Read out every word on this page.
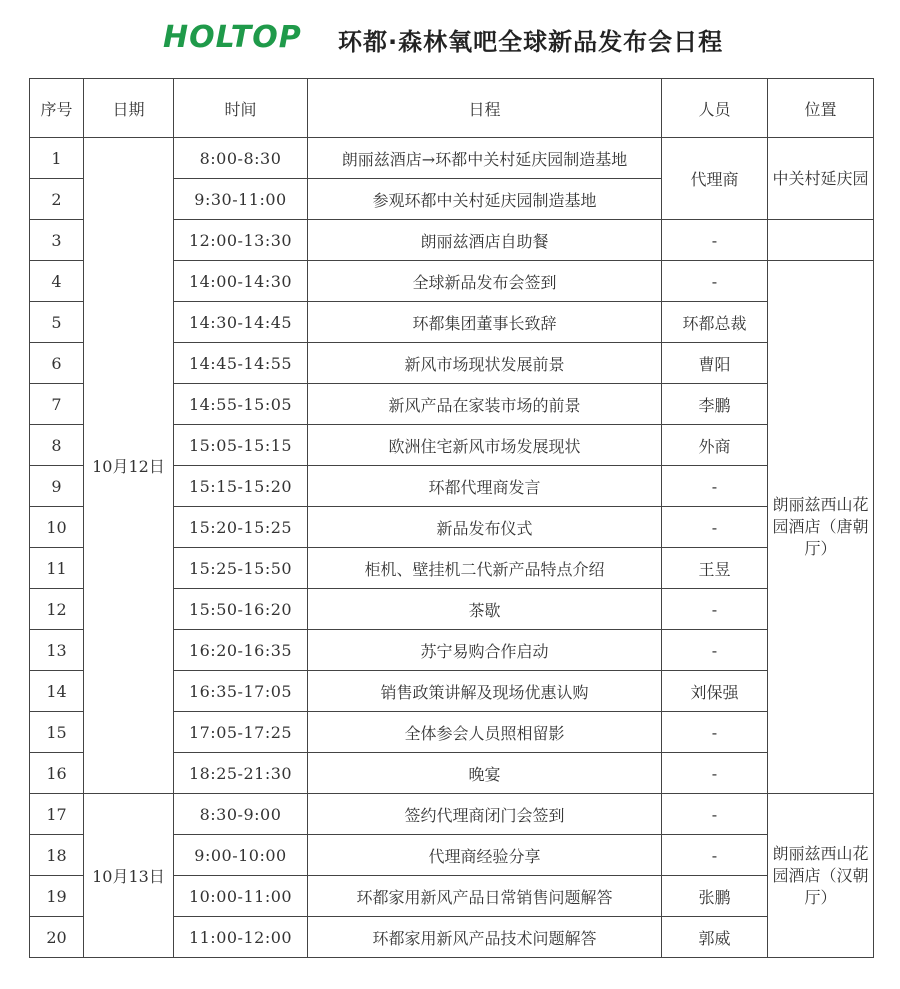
HOLTOP 环都·森林氧吧全球新品发布会日程
序号	日期	时间	日程	人员	位置
1	10月12日	8:00-8:30	朗丽兹酒店→环都中关村延庆园制造基地	代理商	中关村延庆园
2		9:30-11:00	参观环都中关村延庆园制造基地		
3		12:00-13:30	朗丽兹酒店自助餐	-	
4		14:00-14:30	全球新品发布会签到	-	朗丽兹西山花园酒店（唐朝厅）
5		14:30-14:45	环都集团董事长致辞	环都总裁	
6		14:45-14:55	新风市场现状发展前景	曹阳	
7		14:55-15:05	新风产品在家装市场的前景	李鹏	
8		15:05-15:15	欧洲住宅新风市场发展现状	外商	
9		15:15-15:20	环都代理商发言	-	
10		15:20-15:25	新品发布仪式	-	
11		15:25-15:50	柜机、壁挂机二代新产品特点介绍	王昱	
12		15:50-16:20	茶歇	-	
13		16:20-16:35	苏宁易购合作启动	-	
14		16:35-17:05	销售政策讲解及现场优惠认购	刘保强	
15		17:05-17:25	全体参会人员照相留影	-	
16		18:25-21:30	晚宴	-	
17	10月13日	8:30-9:00	签约代理商闭门会签到	-	朗丽兹西山花园酒店（汉朝厅）
18		9:00-10:00	代理商经验分享	-	
19		10:00-11:00	环都家用新风产品日常销售问题解答	张鹏	
20		11:00-12:00	环都家用新风产品技术问题解答	郭威	
